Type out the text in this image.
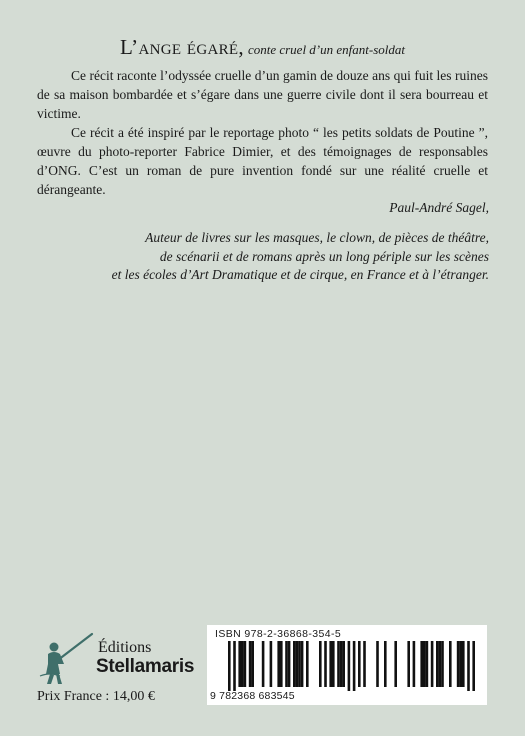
L’ange égaré, conte cruel d’un enfant-soldat

Ce récit raconte l’odyssée cruelle d’un gamin de douze ans qui fuit les ruines de sa maison bombardée et s’égare dans une guerre civile dont il sera bourreau et victime.

Ce récit a été inspiré par le reportage photo “ les petits soldats de Poutine ”, œuvre du photo-reporter Fabrice Dimier, et des témoignages de responsables d’ONG. C’est un roman de pure invention fondé sur une réalité cruelle et dérangeante.

Paul-André Sagel,

Auteur de livres sur les masques, le clown, de pièces de théâtre,
de scénarii et de romans après un long périple sur les scènes
et les écoles d’Art Dramatique et de cirque, en France et à l’étranger.

Éditions
Stellamaris
Prix France : 14,00 €
ISBN 978-2-36868-354-5
9 782368 683545
